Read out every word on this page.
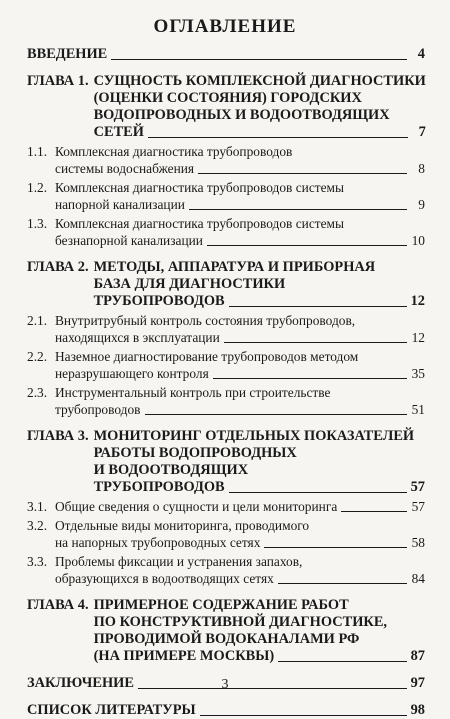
ОГЛАВЛЕНИЕ
ВВЕДЕНИЕ	4
ГЛАВА 1. СУЩНОСТЬ КОМПЛЕКСНОЙ ДИАГНОСТИКИ
(ОЦЕНКИ СОСТОЯНИЯ) ГОРОДСКИХ
ВОДОПРОВОДНЫХ И ВОДООТВОДЯЩИХ
СЕТЕЙ	7
1.1. Комплексная диагностика трубопроводов
системы водоснабжения	8
1.2. Комплексная диагностика трубопроводов системы
напорной канализации	9
1.3. Комплексная диагностика трубопроводов системы
безнапорной канализации	10
ГЛАВА 2. МЕТОДЫ, АППАРАТУРА И ПРИБОРНАЯ
БАЗА ДЛЯ ДИАГНОСТИКИ
ТРУБОПРОВОДОВ	12
2.1. Внутритрубный контроль состояния трубопроводов,
находящихся в эксплуатации	12
2.2. Наземное диагностирование трубопроводов методом
неразрушающего контроля	35
2.3. Инструментальный контроль при строительстве
трубопроводов	51
ГЛАВА 3. МОНИТОРИНГ ОТДЕЛЬНЫХ ПОКАЗАТЕЛЕЙ
РАБОТЫ ВОДОПРОВОДНЫХ
И ВОДООТВОДЯЩИХ
ТРУБОПРОВОДОВ	57
3.1. Общие сведения о сущности и цели мониторинга	57
3.2. Отдельные виды мониторинга, проводимого
на напорных трубопроводных сетях	58
3.3. Проблемы фиксации и устранения запахов,
образующихся в водоотводящих сетях	84
ГЛАВА 4. ПРИМЕРНОЕ СОДЕРЖАНИЕ РАБОТ
ПО КОНСТРУКТИВНОЙ ДИАГНОСТИКЕ,
ПРОВОДИМОЙ ВОДОКАНАЛАМИ РФ
(НА ПРИМЕРЕ МОСКВЫ)	87
ЗАКЛЮЧЕНИЕ	97
СПИСОК ЛИТЕРАТУРЫ	98
3
